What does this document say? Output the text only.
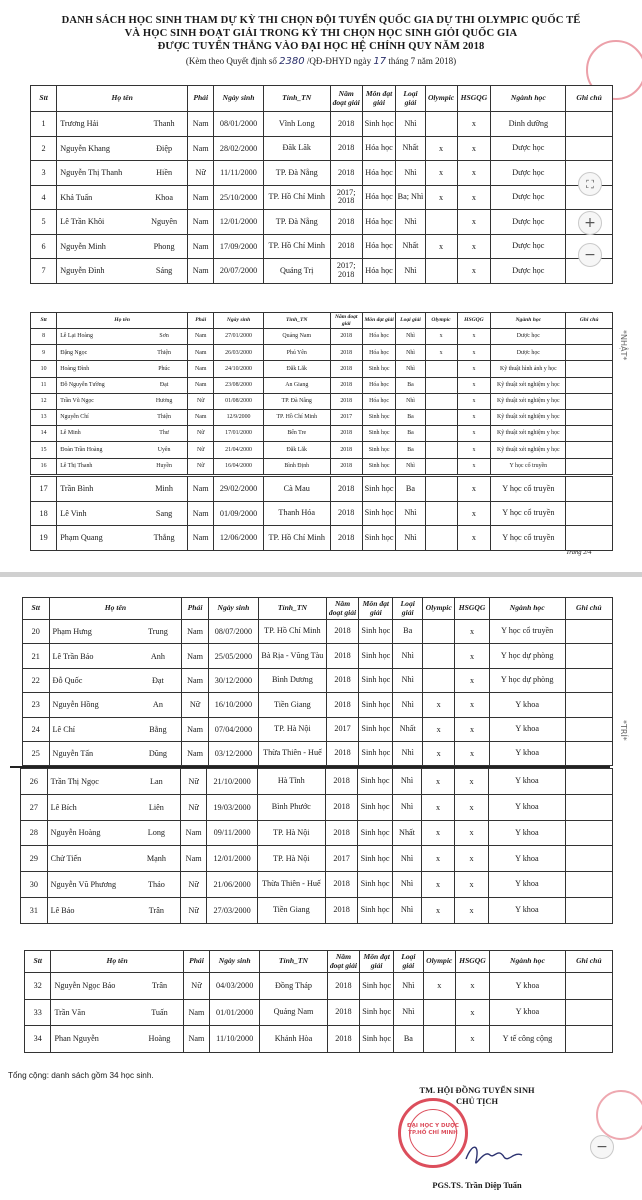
DANH SÁCH HỌC SINH THAM DỰ KỲ THI CHỌN ĐỘI TUYỂN QUỐC GIA DỰ THI OLYMPIC QUỐC TẾ
VÀ HỌC SINH ĐOẠT GIẢI TRONG KỲ THI CHỌN HỌC SINH GIỎI QUỐC GIA
ĐƯỢC TUYỂN THẲNG VÀO ĐẠI HỌC HỆ CHÍNH QUY NĂM 2018
(Kèm theo Quyết định số 2380 /QĐ-ĐHYD ngày 17 tháng 7 năm 2018)
Stt	Họ tên		Phái	Ngày sinh	Tỉnh_TN	Năm đoạt giải	Môn đạt giải	Loại giải	Olympic	HSGQG	Ngành học	Ghi chú
1	Trương Hải	Thanh	Nam	08/01/2000	Vĩnh Long	2018	Sinh học	Nhì		x	Dinh dưỡng	
2	Nguyễn Khang	Điệp	Nam	28/02/2000	Đăk Lăk	2018	Hóa học	Nhất	x	x	Dược học	
3	Nguyễn Thị Thanh	Hiền	Nữ	11/11/2000	TP. Đà Nẵng	2018	Hóa học	Nhì	x	x	Dược học	
4	Khả Tuấn	Khoa	Nam	25/10/2000	TP. Hồ Chí Minh	2017; 2018	Hóa học	Ba; Nhì	x	x	Dược học	
5	Lê Trần Khôi	Nguyên	Nam	12/01/2000	TP. Đà Nẵng	2018	Hóa học	Nhì		x	Dược học	
6	Nguyễn Minh	Phong	Nam	17/09/2000	TP. Hồ Chí Minh	2018	Hóa học	Nhất	x	x	Dược học	
7	Nguyễn Đình	Sáng	Nam	20/07/2000	Quảng Trị	2017; 2018	Hóa học	Nhì		x	Dược học	
Stt	Họ tên		Phái	Ngày sinh	Tỉnh_TN	Năm đoạt giải	Môn đạt giải	Loại giải	Olympic	HSGQG	Ngành học	Ghi chú
8	Lê Lại Hoàng	Sơn	Nam	27/01/2000	Quảng Nam	2018	Hóa học	Nhì	x	x	Dược học	
9	Đặng Ngọc	Thiện	Nam	26/03/2000	Phú Yên	2018	Hóa học	Nhì	x	x	Dược học	
10	Hoàng Đình	Phúc	Nam	24/10/2000	Đăk Lăk	2018	Sinh học	Nhì		x	Kỹ thuật hình ảnh y học	
11	Đỗ Nguyễn Tường	Đạt	Nam	23/08/2000	An Giang	2018	Hóa học	Ba		x	Kỹ thuật xét nghiệm y học	
12	Trần Vũ Ngọc	Hương	Nữ	01/08/2000	TP. Đà Nẵng	2018	Hóa học	Nhì		x	Kỹ thuật xét nghiệm y học	
13	Nguyễn Chí	Thiện	Nam	12/9/2000	TP. Hồ Chí Minh	2017	Sinh học	Ba		x	Kỹ thuật xét nghiệm y học	
14	Lê Minh	Thư	Nữ	17/01/2000	Bến Tre	2018	Sinh học	Ba		x	Kỹ thuật xét nghiệm y học	
15	Đoàn Trần Hoàng	Uyên	Nữ	21/04/2000	Đăk Lăk	2018	Sinh học	Ba		x	Kỹ thuật xét nghiệm y học	
16	Lê Thị Thanh	Huyền	Nữ	16/04/2000	Bình Định	2018	Sinh học	Nhì		x	Y học cổ truyền	
17	Trần Bình	Minh	Nam	29/02/2000	Cà Mau	2018	Sinh học	Ba		x	Y học cổ truyền	
18	Lê Vinh	Sang	Nam	01/09/2000	Thanh Hóa	2018	Sinh học	Nhì		x	Y học cổ truyền	
19	Phạm Quang	Thắng	Nam	12/06/2000	TP. Hồ Chí Minh	2018	Sinh học	Nhì		x	Y học cổ truyền	
Trang 2/4
Stt	Họ tên		Phái	Ngày sinh	Tỉnh_TN	Năm đoạt giải	Môn đạt giải	Loại giải	Olympic	HSGQG	Ngành học	Ghi chú
20	Phạm Hưng	Trung	Nam	08/07/2000	TP. Hồ Chí Minh	2018	Sinh học	Ba		x	Y học cổ truyền	
21	Lê Trần Bảo	Anh	Nam	25/05/2000	Bà Rịa - Vũng Tàu	2018	Sinh học	Nhì		x	Y học dự phòng	
22	Đỗ Quốc	Đạt	Nam	30/12/2000	Bình Dương	2018	Sinh học	Nhì		x	Y học dự phòng	
23	Nguyễn Hồng	An	Nữ	16/10/2000	Tiền Giang	2018	Sinh học	Nhì	x	x	Y khoa	
24	Lê Chí	Bằng	Nam	07/04/2000	TP. Hà Nội	2017	Sinh học	Nhất	x	x	Y khoa	
25	Nguyễn Tấn	Dũng	Nam	03/12/2000	Thừa Thiên - Huế	2018	Sinh học	Nhì	x	x	Y khoa	
26	Trần Thị Ngọc	Lan	Nữ	21/10/2000	Hà Tĩnh	2018	Sinh học	Nhì	x	x	Y khoa	
27	Lê Bích	Liên	Nữ	19/03/2000	Bình Phước	2018	Sinh học	Nhì	x	x	Y khoa	
28	Nguyễn Hoàng	Long	Nam	09/11/2000	TP. Hà Nội	2018	Sinh học	Nhất	x	x	Y khoa	
29	Chử Tiến	Mạnh	Nam	12/01/2000	TP. Hà Nội	2017	Sinh học	Nhì	x	x	Y khoa	
30	Nguyễn Vũ Phương	Thảo	Nữ	21/06/2000	Thừa Thiên - Huế	2018	Sinh học	Nhì	x	x	Y khoa	
31	Lê Bảo	Trân	Nữ	27/03/2000	Tiền Giang	2018	Sinh học	Nhì	x	x	Y khoa	
Stt	Họ tên		Phái	Ngày sinh	Tỉnh_TN	Năm đoạt giải	Môn đạt giải	Loại giải	Olympic	HSGQG	Ngành học	Ghi chú
32	Nguyễn Ngọc Bảo	Trân	Nữ	04/03/2000	Đồng Tháp	2018	Sinh học	Nhì	x	x	Y khoa	
33	Trần Văn	Tuấn	Nam	01/01/2000	Quảng Nam	2018	Sinh học	Nhì		x	Y khoa	
34	Phan Nguyễn	Hoàng	Nam	11/10/2000	Khánh Hòa	2018	Sinh học	Ba		x	Y tế công cộng	
Tổng cộng: danh sách gồm 34 học sinh.
TM. HỘI ĐỒNG TUYỂN SINH
CHỦ TỊCH
PGS.TS. Trần Diệp Tuấn
ĐẠI HỌC Y DƯỢC TP.HỒ CHÍ MINH
*NHẬT*
*TRÍ*
⛶
+
−
−
